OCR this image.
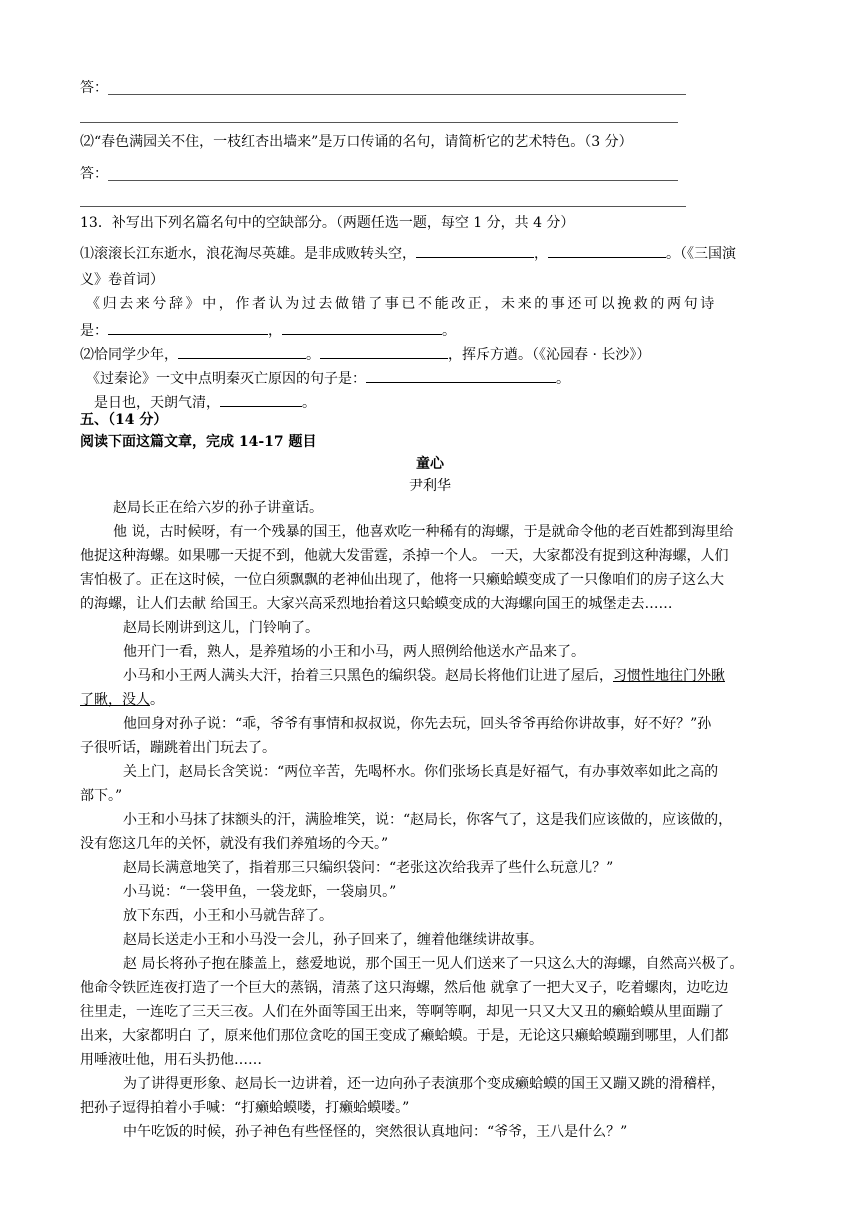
答：
⑵“春色满园关不住，一枝红杏出墙来”是万口传诵的名句，请简析它的艺术特色。（3 分）
答：
13．补写出下列名篇名句中的空缺部分。（两题任选一题，每空 1 分，共 4 分）
⑴滚滚长江东逝水，浪花淘尽英雄。是非成败转头空，	，	。（《三国演
义》卷首词）
《归去来兮辞》中，作者认为过去做错了事已不能改正，未来的事还可以挽救的两句诗
是：	，	。
⑵恰同学少年，	。	，挥斥方遒。（《沁园春 · 长沙》）
《过秦论》一文中点明秦灭亡原因的句子是：	。
是日也，天朗气清，	。
五、（14 分）
阅读下面这篇文章，完成 14-17 题目
童心
尹利华
赵局长正在给六岁的孙子讲童话。
他 说，古时候呀，有一个残暴的国王，他喜欢吃一种稀有的海螺，于是就命令他的老百姓都到海里给
他捉这种海螺。如果哪一天捉不到，他就大发雷霆，杀掉一个人。 一天，大家都没有捉到这种海螺，人们
害怕极了。正在这时候，一位白须飘飘的老神仙出现了，他将一只癞蛤蟆变成了一只像咱们的房子这么大
的海螺，让人们去献 给国王。大家兴高采烈地抬着这只蛤蟆变成的大海螺向国王的城堡走去……
赵局长刚讲到这儿，门铃响了。
他开门一看，熟人，是养殖场的小王和小马，两人照例给他送水产品来了。
小马和小王两人满头大汗，抬着三只黑色的编织袋。赵局长将他们让进了屋后，习惯性地往门外瞅
了瞅，没人。
他回身对孙子说：“乖，爷爷有事情和叔叔说，你先去玩，回头爷爷再给你讲故事，好不好？”孙
子很听话，蹦跳着出门玩去了。
关上门，赵局长含笑说：“两位辛苦，先喝杯水。你们张场长真是好福气，有办事效率如此之高的
部下。”
小王和小马抹了抹额头的汗，满脸堆笑，说：“赵局长，你客气了，这是我们应该做的，应该做的，
没有您这几年的关怀，就没有我们养殖场的今天。”
赵局长满意地笑了，指着那三只编织袋问：“老张这次给我弄了些什么玩意儿？”
小马说：“一袋甲鱼，一袋龙虾，一袋扇贝。”
放下东西，小王和小马就告辞了。
赵局长送走小王和小马没一会儿，孙子回来了，缠着他继续讲故事。
赵 局长将孙子抱在膝盖上，慈爱地说，那个国王一见人们送来了一只这么大的海螺，自然高兴极了。
他命令铁匠连夜打造了一个巨大的蒸锅，清蒸了这只海螺，然后他 就拿了一把大叉子，吃着螺肉，边吃边
往里走，一连吃了三天三夜。人们在外面等国王出来，等啊等啊，却见一只又大又丑的癞蛤蟆从里面蹦了
出来，大家都明白 了，原来他们那位贪吃的国王变成了癞蛤蟆。于是，无论这只癞蛤蟆蹦到哪里，人们都
用唾液吐他，用石头扔他……
为了讲得更形象、赵局长一边讲着，还一边向孙子表演那个变成癞蛤蟆的国王又蹦又跳的滑稽样，
把孙子逗得拍着小手喊：“打癞蛤蟆喽，打癞蛤蟆喽。”
中午吃饭的时候，孙子神色有些怪怪的，突然很认真地问：“爷爷，王八是什么？”
